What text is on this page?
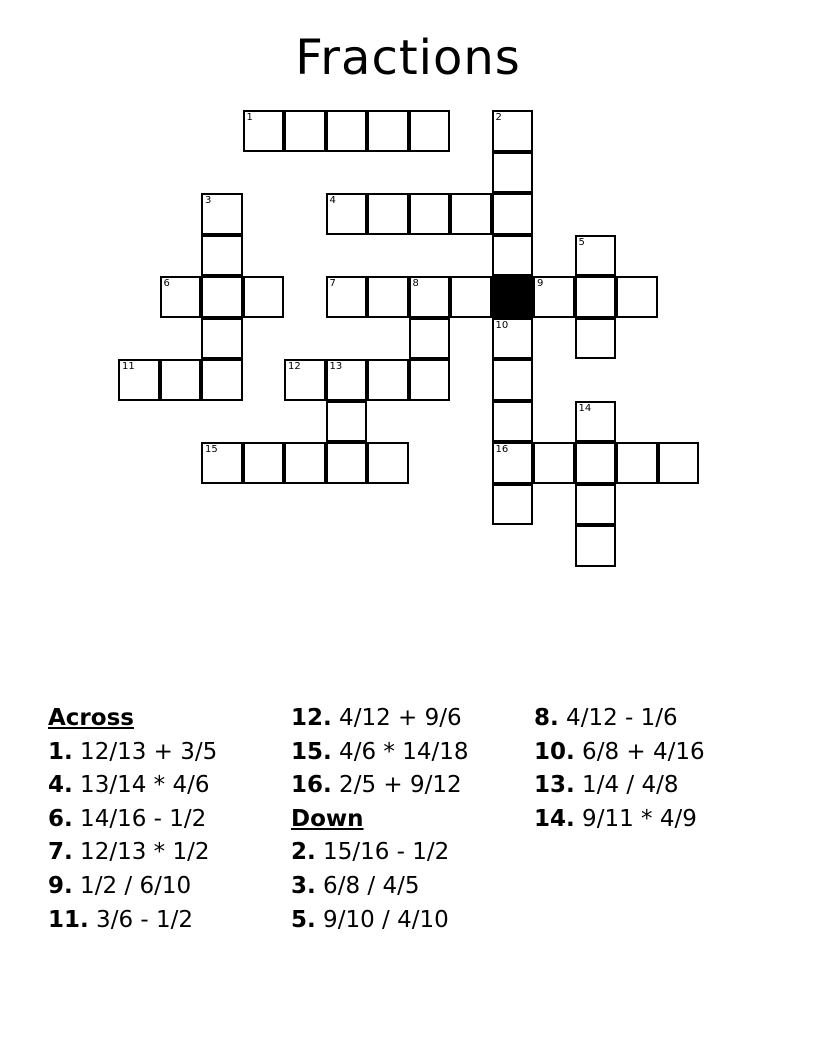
Fractions
1	2
3	4
5
6	7	8	9
10
11	12	13
14
15	16
Across
1. 12/13 + 3/5
4. 13/14 * 4/6
6. 14/16 - 1/2
7. 12/13 * 1/2
9. 1/2 / 6/10
11. 3/6 - 1/2
12. 4/12 + 9/6
15. 4/6 * 14/18
16. 2/5 + 9/12
Down
2. 15/16 - 1/2
3. 6/8 / 4/5
5. 9/10 / 4/10
8. 4/12 - 1/6
10. 6/8 + 4/16
13. 1/4 / 4/8
14. 9/11 * 4/9
